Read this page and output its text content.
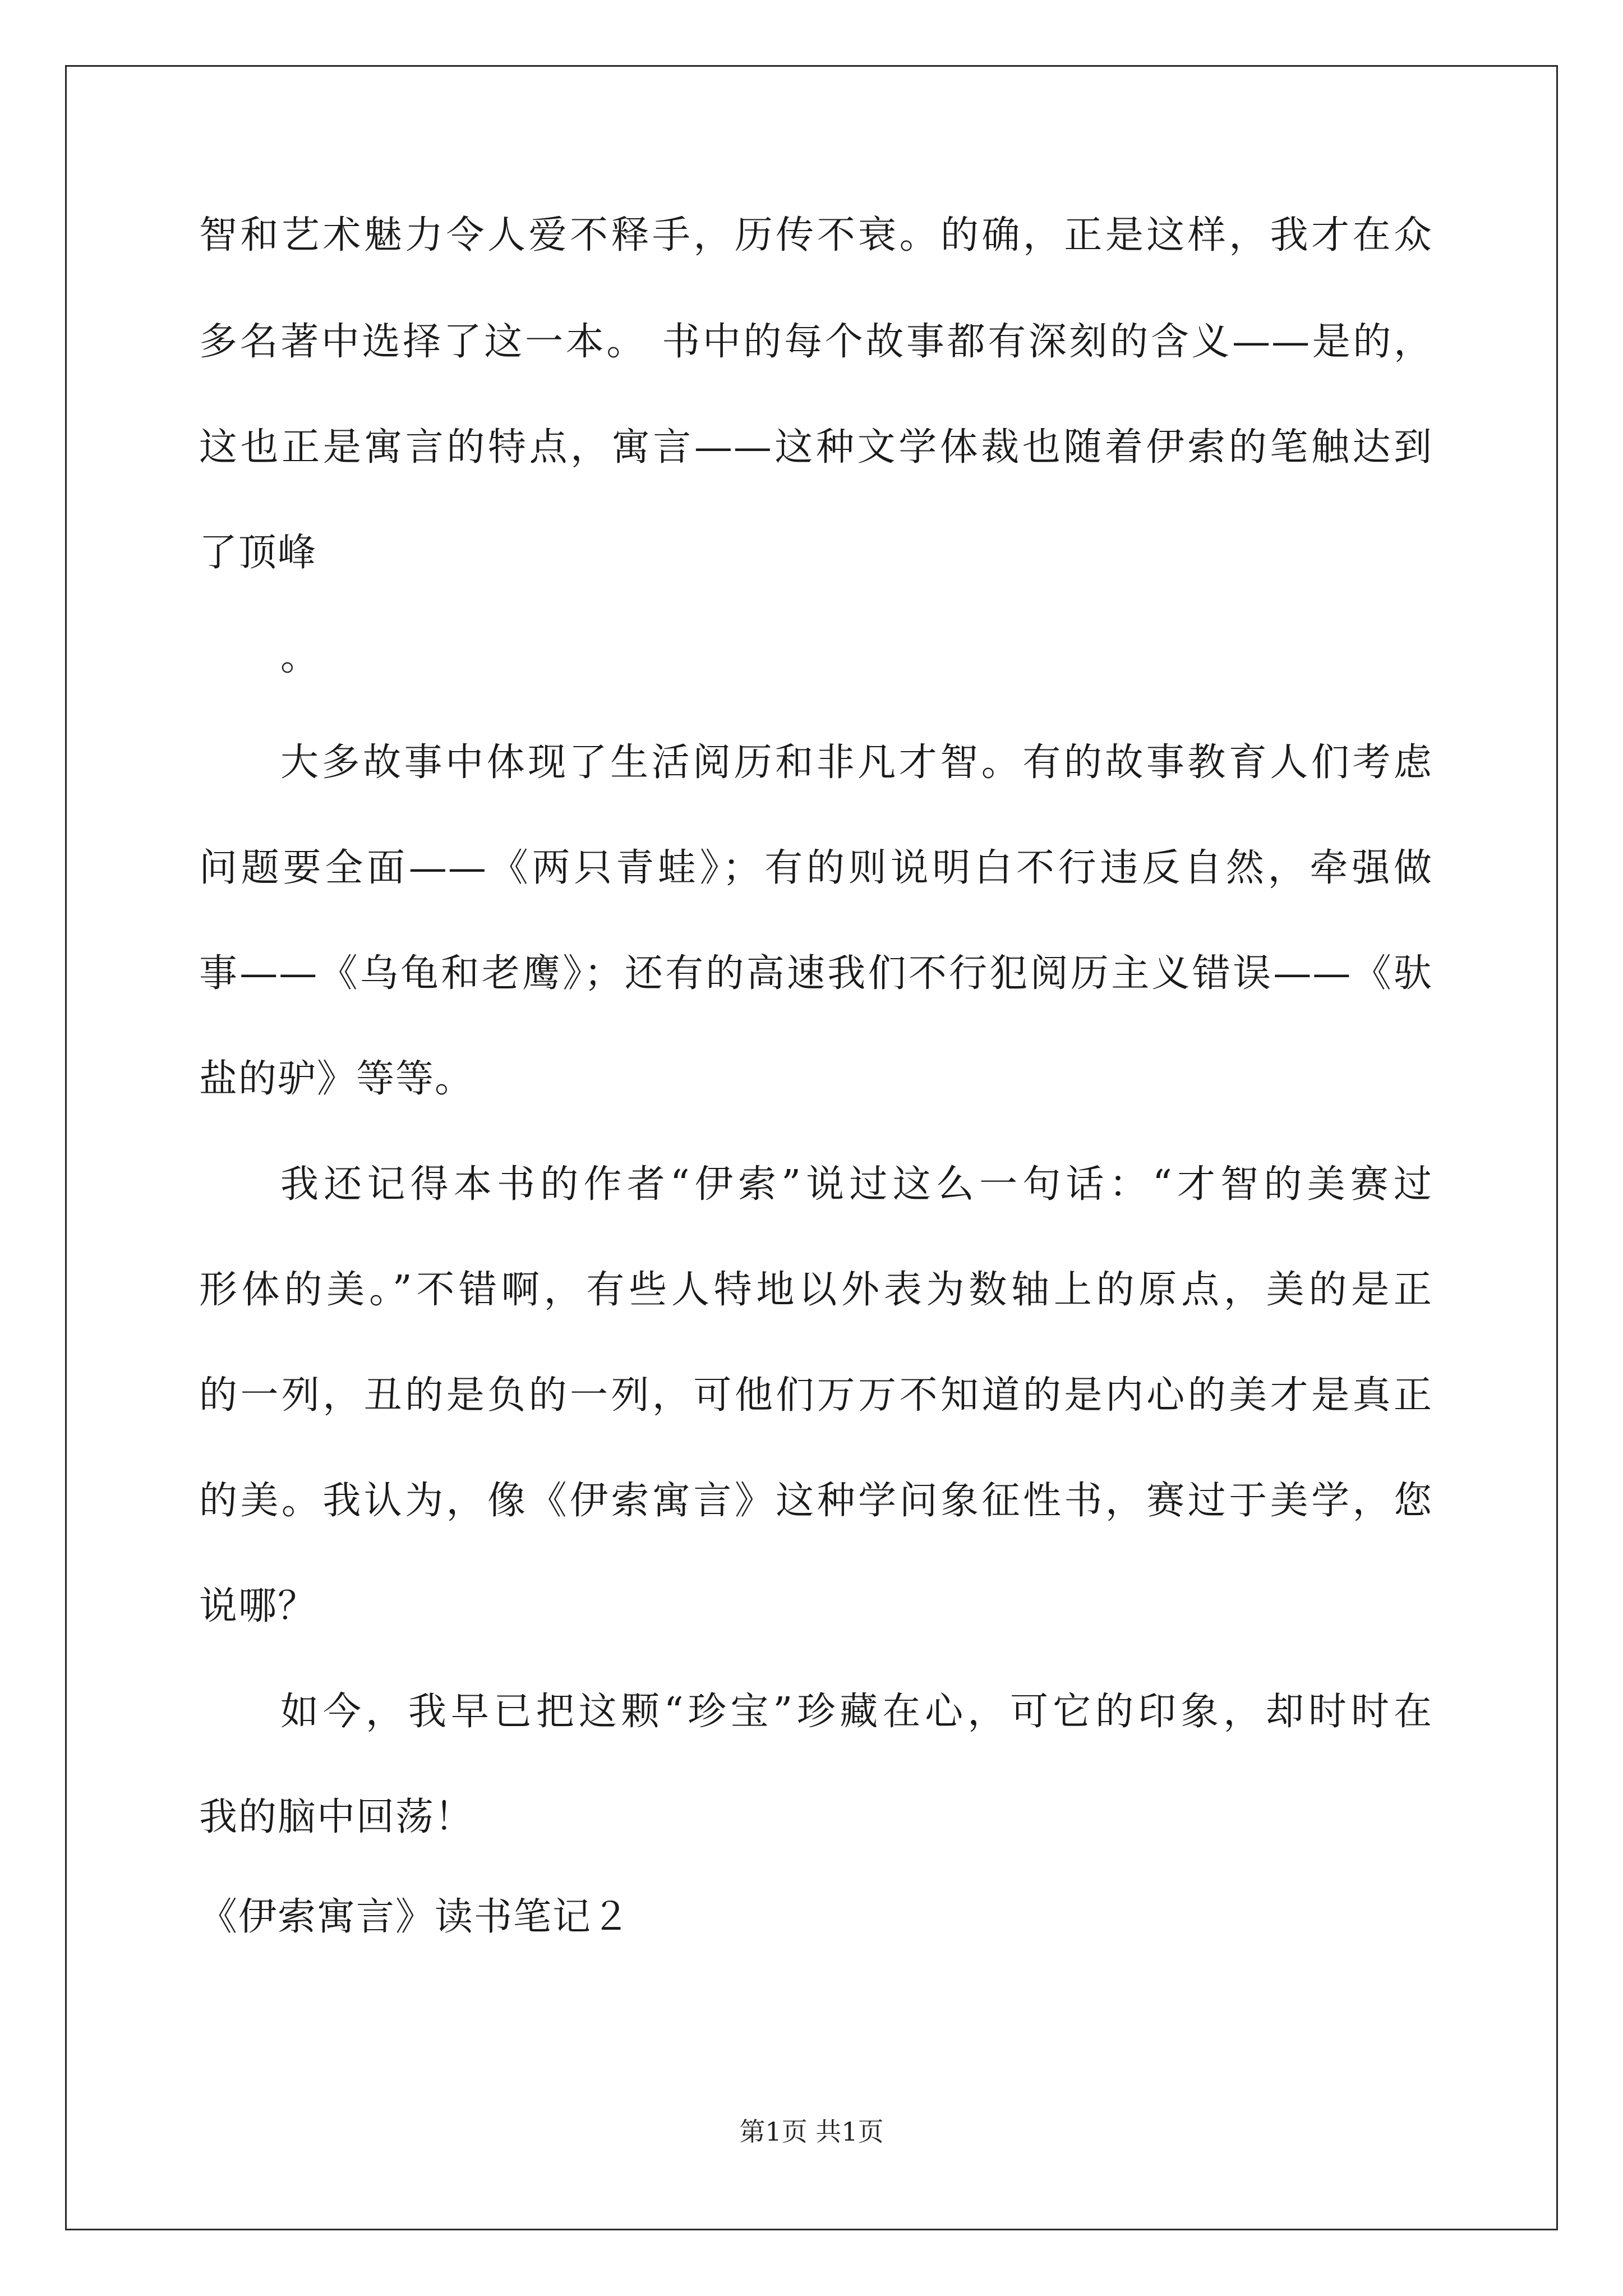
智和艺术魅力令人爱不释手，历传不衰。的确，正是这样，我才在众
多名著中选择了这一本。 书中的每个故事都有深刻的含义——是的，
这也正是寓言的特点，寓言——这种文学体裁也随着伊索的笔触达到
了顶峰
。
大多故事中体现了生活阅历和非凡才智。有的故事教育人们考虑
问题要全面——《两只青蛙》；有的则说明白不行违反自然，牵强做
事——《乌龟和老鹰》；还有的高速我们不行犯阅历主义错误——《驮
盐的驴》等等。
我还记得本书的作者“伊索”说过这么一句话：“才智的美赛过
形体的美。”不错啊，有些人特地以外表为数轴上的原点，美的是正
的一列，丑的是负的一列，可他们万万不知道的是内心的美才是真正
的美。我认为，像《伊索寓言》这种学问象征性书，赛过于美学，您
说哪？
如今，我早已把这颗“珍宝”珍藏在心，可它的印象，却时时在
我的脑中回荡！
《伊索寓言》读书笔记２
第1页 共1页
